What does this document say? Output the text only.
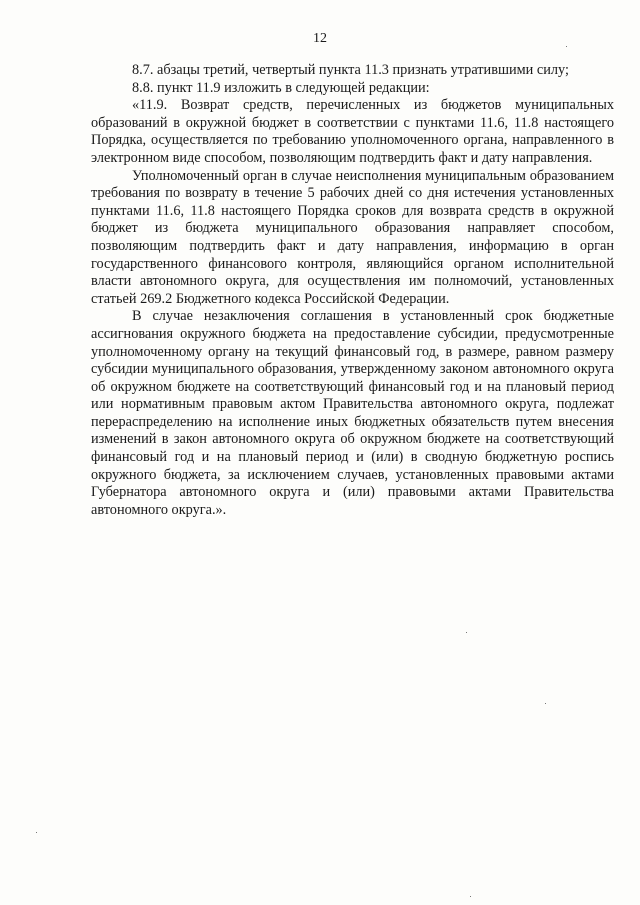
12

8.7. абзацы третий, четвертый пункта 11.3 признать утратившими силу;

8.8. пункт 11.9 изложить в следующей редакции:

«11.9. Возврат средств, перечисленных из бюджетов муниципальных образований в окружной бюджет в соответствии с пунктами 11.6, 11.8 настоящего Порядка, осуществляется по требованию уполномоченного органа, направленного в электронном виде способом, позволяющим подтвердить факт и дату направления.

Уполномоченный орган в случае неисполнения муниципальным образованием требования по возврату в течение 5 рабочих дней со дня истечения установленных пунктами 11.6, 11.8 настоящего Порядка сроков для возврата средств в окружной бюджет из бюджета муниципального образования направляет способом, позволяющим подтвердить факт и дату направления, информацию в орган государственного финансового контроля, являющийся органом исполнительной власти автономного округа, для осуществления им полномочий, установленных статьей 269.2 Бюджетного кодекса Российской Федерации.

В случае незаключения соглашения в установленный срок бюджетные ассигнования окружного бюджета на предоставление субсидии, предусмотренные уполномоченному органу на текущий финансовый год, в размере, равном размеру субсидии муниципального образования, утвержденному законом автономного округа об окружном бюджете на соответствующий финансовый год и на плановый период или нормативным правовым актом Правительства автономного округа, подлежат перераспределению на исполнение иных бюджетных обязательств путем внесения изменений в закон автономного округа об окружном бюджете на соответствующий финансовый год и на плановый период и (или) в сводную бюджетную роспись окружного бюджета, за исключением случаев, установленных правовыми актами Губернатора автономного округа и (или) правовыми актами Правительства автономного округа.».
